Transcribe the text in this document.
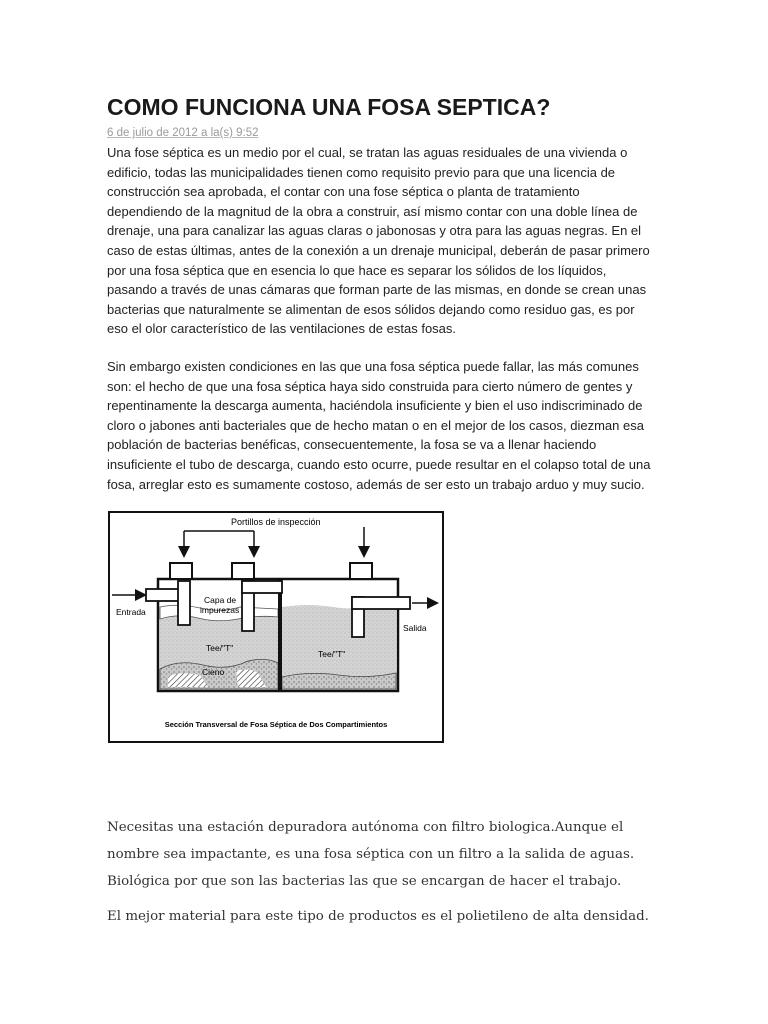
COMO FUNCIONA UNA FOSA SEPTICA?
6 de julio de 2012 a la(s) 9:52

Una fose séptica es un medio por el cual, se tratan las aguas residuales de una vivienda o
edificio, todas las municipalidades tienen como requisito previo para que una licencia de
construcción sea aprobada, el contar con una fose séptica o planta de tratamiento
dependiendo de la magnitud de la obra a construir, así mismo contar con una doble línea de
drenaje, una para canalizar las aguas claras o jabonosas y otra para las aguas negras. En el
caso de estas últimas, antes de la conexión a un drenaje municipal, deberán de pasar primero
por una fosa séptica que en esencia lo que hace es separar los sólidos de los líquidos,
pasando a través de unas cámaras que forman parte de las mismas, en donde se crean unas
bacterias que naturalmente se alimentan de esos sólidos dejando como residuo gas, es por
eso el olor característico de las ventilaciones de estas fosas.

Sin embargo existen condiciones en las que una fosa séptica puede fallar, las más comunes
son: el hecho de que una fosa séptica haya sido construida para cierto número de gentes y
repentinamente la descarga aumenta, haciéndola insuficiente y bien el uso indiscriminado de
cloro o jabones anti bacteriales que de hecho matan o en el mejor de los casos, diezman esa
población de bacterias benéficas, consecuentemente, la fosa se va a llenar haciendo
insuficiente el tubo de descarga, cuando esto ocurre, puede resultar en el colapso total de una
fosa, arreglar esto es sumamente costoso, además de ser esto un trabajo arduo y muy sucio.

Portillos de inspección
Entrada
Salida
Capa de
impurezas
Tee/"T"
Tee/"T"
Cieno
Sección Transversal de Fosa Séptica de Dos Compartimientos

Necesitas una estación depuradora autónoma con filtro biologica.Aunque el
nombre sea impactante, es una fosa séptica con un filtro a la salida de aguas.
Biológica por que son las bacterias las que se encargan de hacer el trabajo.

El mejor material para este tipo de productos es el polietileno de alta densidad.
